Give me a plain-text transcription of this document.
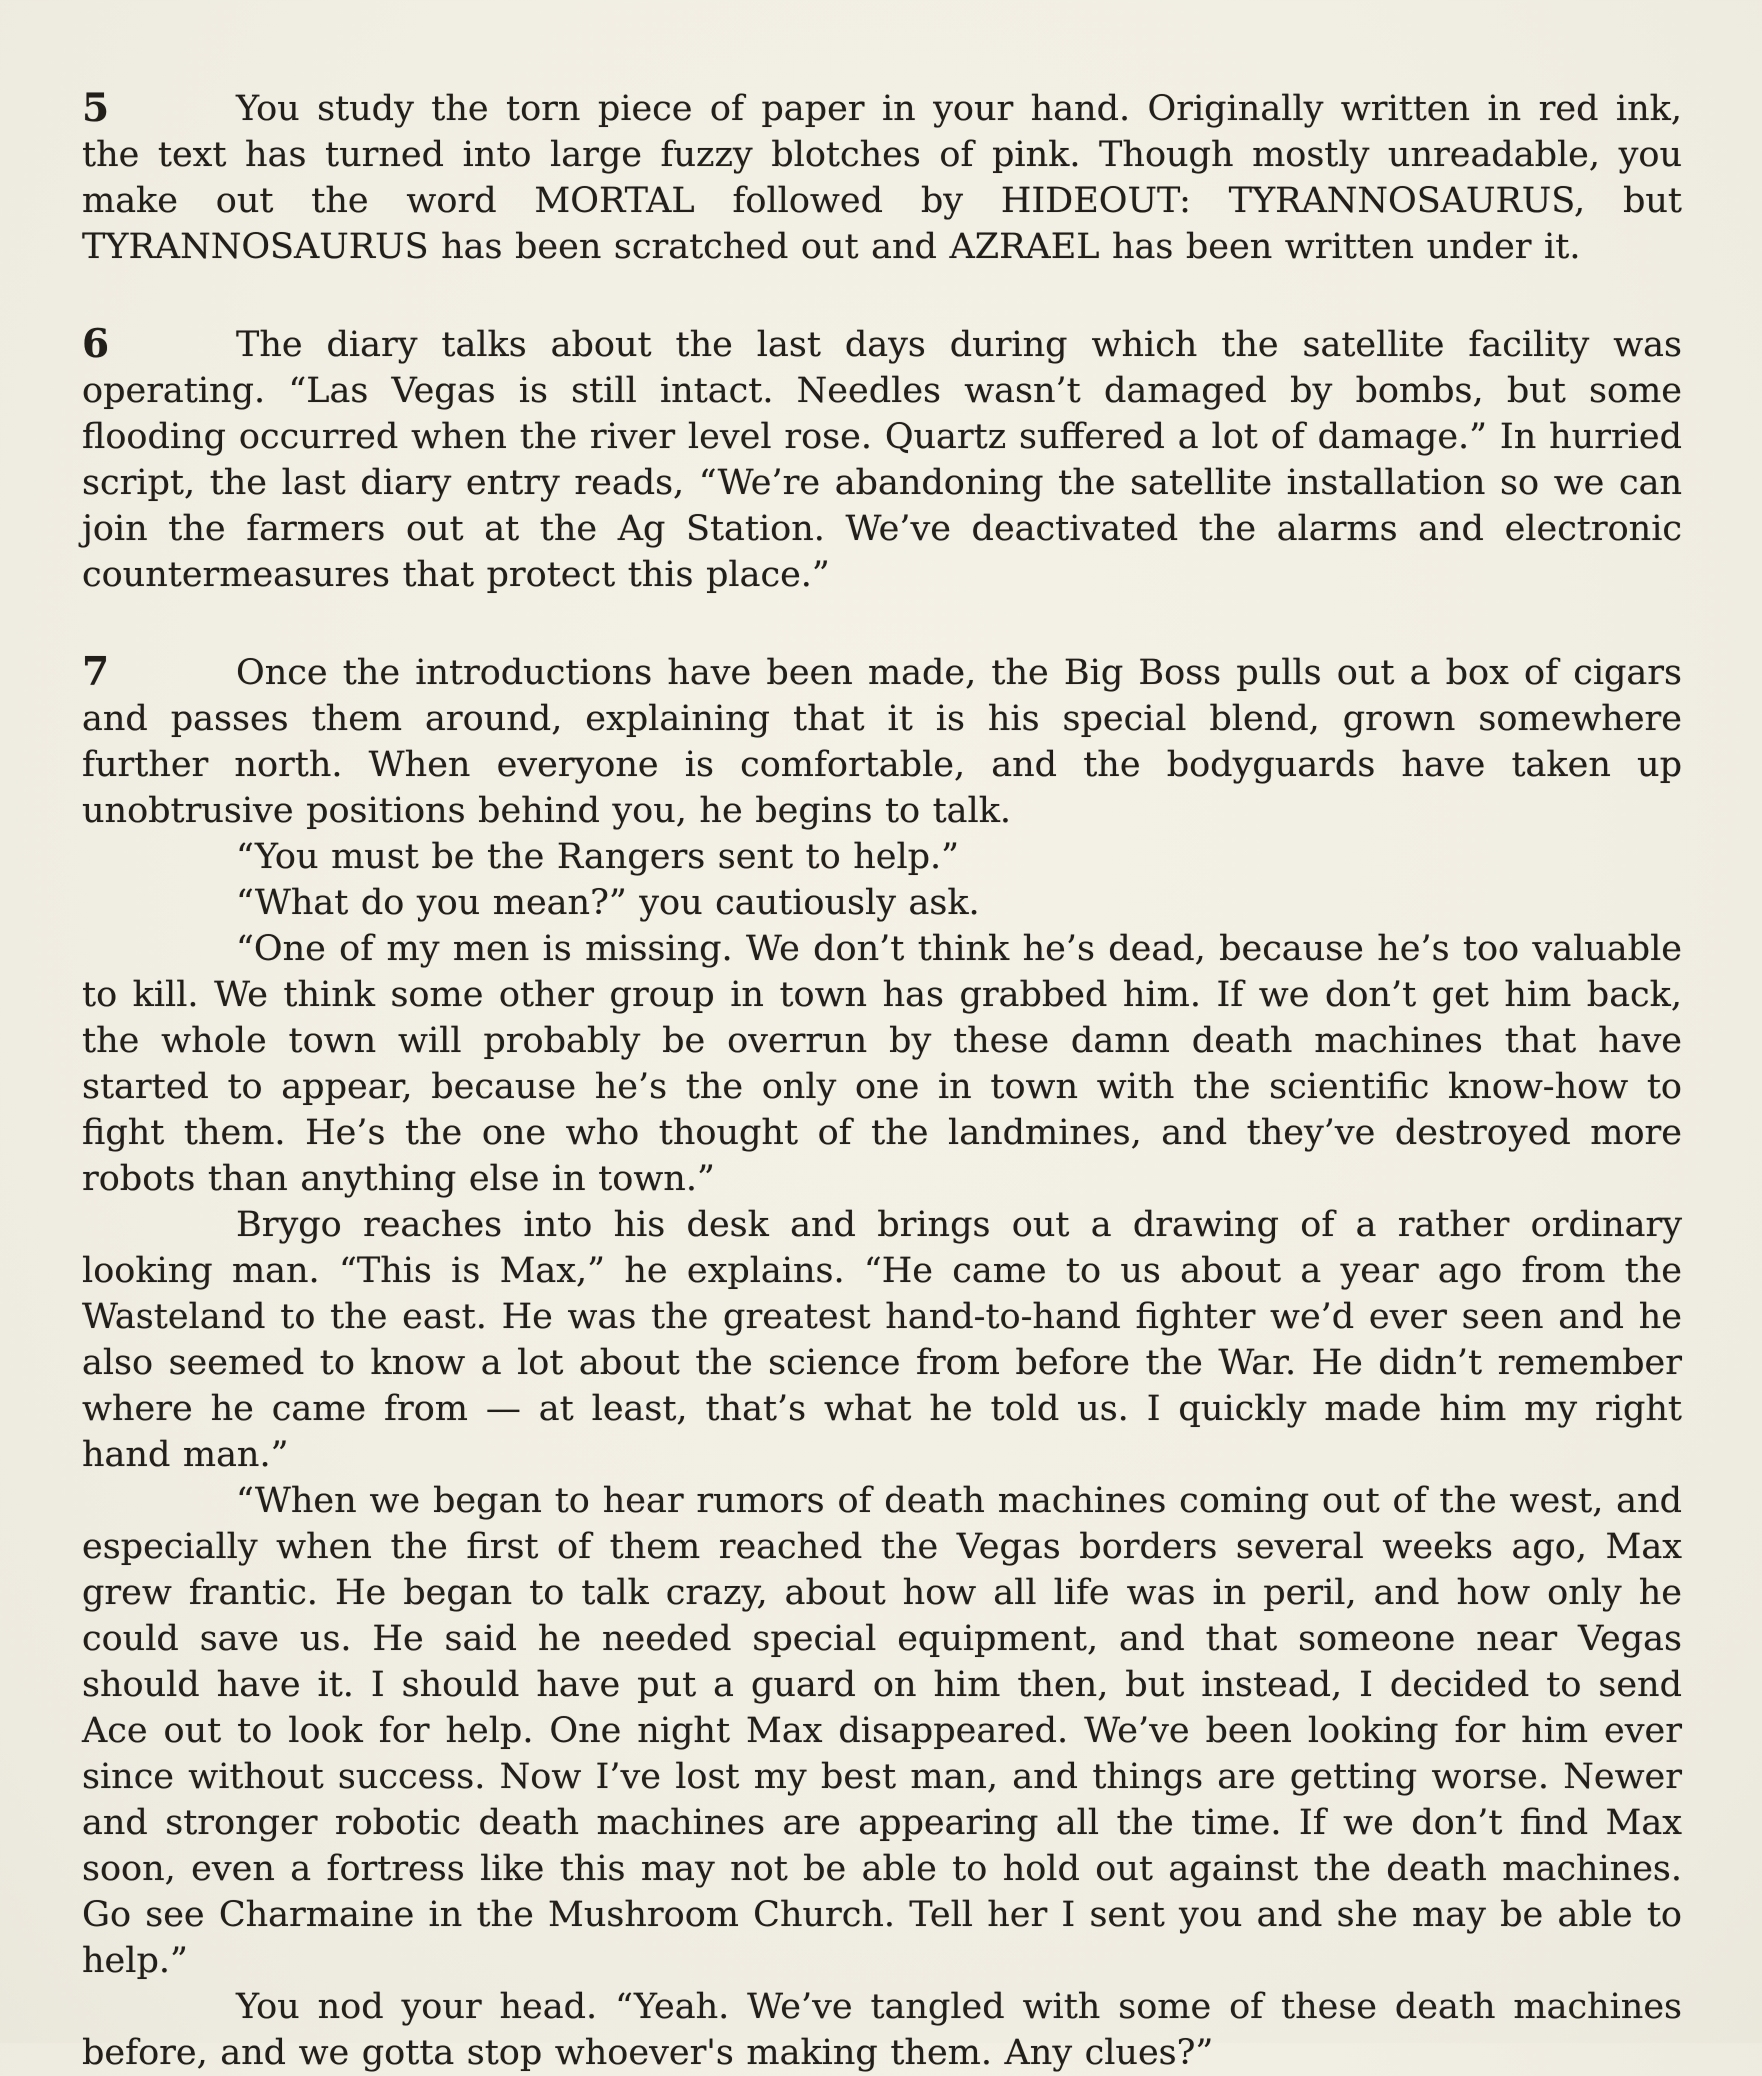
5	You study the torn piece of paper in your hand. Originally written in red ink, the text has turned into large fuzzy blotches of pink. Though mostly unreadable, you make out the word MORTAL followed by HIDEOUT: TYRANNOSAURUS, but TYRANNOSAURUS has been scratched out and AZRAEL has been written under it.

6	The diary talks about the last days during which the satellite facility was operating. “Las Vegas is still intact. Needles wasn’t damaged by bombs, but some flooding occurred when the river level rose. Quartz suffered a lot of damage.” In hurried script, the last diary entry reads, “We’re abandoning the satellite installation so we can join the farmers out at the Ag Station. We’ve deactivated the alarms and electronic countermeasures that protect this place.”

7	Once the introductions have been made, the Big Boss pulls out a box of cigars and passes them around, explaining that it is his special blend, grown somewhere further north. When everyone is comfortable, and the bodyguards have taken up unobtrusive positions behind you, he begins to talk.

“You must be the Rangers sent to help.”

“What do you mean?” you cautiously ask.

“One of my men is missing. We don’t think he’s dead, because he’s too valuable to kill. We think some other group in town has grabbed him. If we don’t get him back, the whole town will probably be overrun by these damn death machines that have started to appear, because he’s the only one in town with the scientific know-how to fight them. He’s the one who thought of the landmines, and they’ve destroyed more robots than anything else in town.”

Brygo reaches into his desk and brings out a drawing of a rather ordinary looking man. “This is Max,” he explains. “He came to us about a year ago from the Wasteland to the east. He was the greatest hand-to-hand fighter we’d ever seen and he also seemed to know a lot about the science from before the War. He didn’t remember where he came from — at least, that’s what he told us. I quickly made him my right hand man.”

“When we began to hear rumors of death machines coming out of the west, and especially when the first of them reached the Vegas borders several weeks ago, Max grew frantic. He began to talk crazy, about how all life was in peril, and how only he could save us. He said he needed special equipment, and that someone near Vegas should have it. I should have put a guard on him then, but instead, I decided to send Ace out to look for help. One night Max disappeared. We’ve been looking for him ever since without success. Now I’ve lost my best man, and things are getting worse. Newer and stronger robotic death machines are appearing all the time. If we don’t find Max soon, even a fortress like this may not be able to hold out against the death machines. Go see Charmaine in the Mushroom Church. Tell her I sent you and she may be able to help.”

You nod your head. “Yeah. We’ve tangled with some of these death machines before, and we gotta stop whoever's making them. Any clues?”
